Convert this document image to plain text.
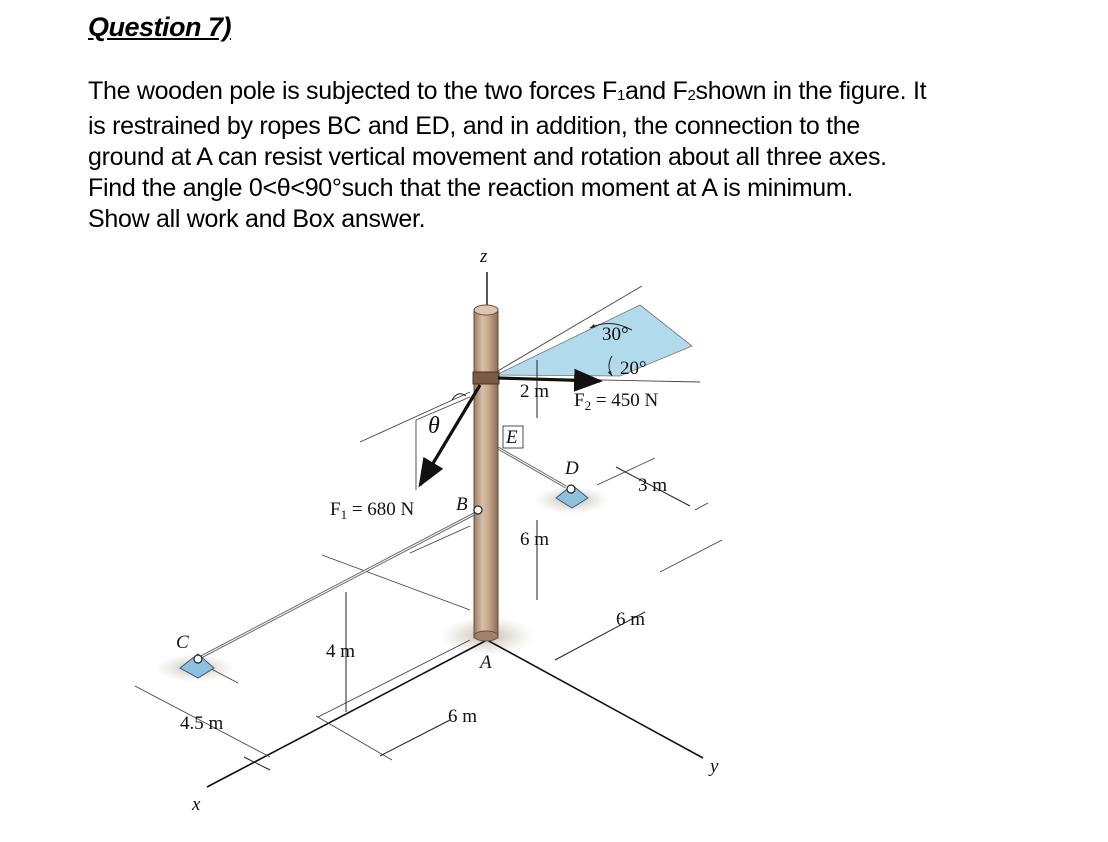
Question 7)
The wooden pole is subjected to the two forces F1and F2shown in the figure. It
is restrained by ropes BC and ED, and in addition, the connection to the
ground at A can resist vertical movement and rotation about all three axes.
Find the angle 0<θ<90°such that the reaction moment at A is minimum.
Show all work and Box answer.
z
x
y
θ
30°
20°
$F_1 = 680$ N
$F_2 = 450$ N
A
B
C
D
E
2 m
6 m
3 m
6 m
4 m
4.5 m	6 m
